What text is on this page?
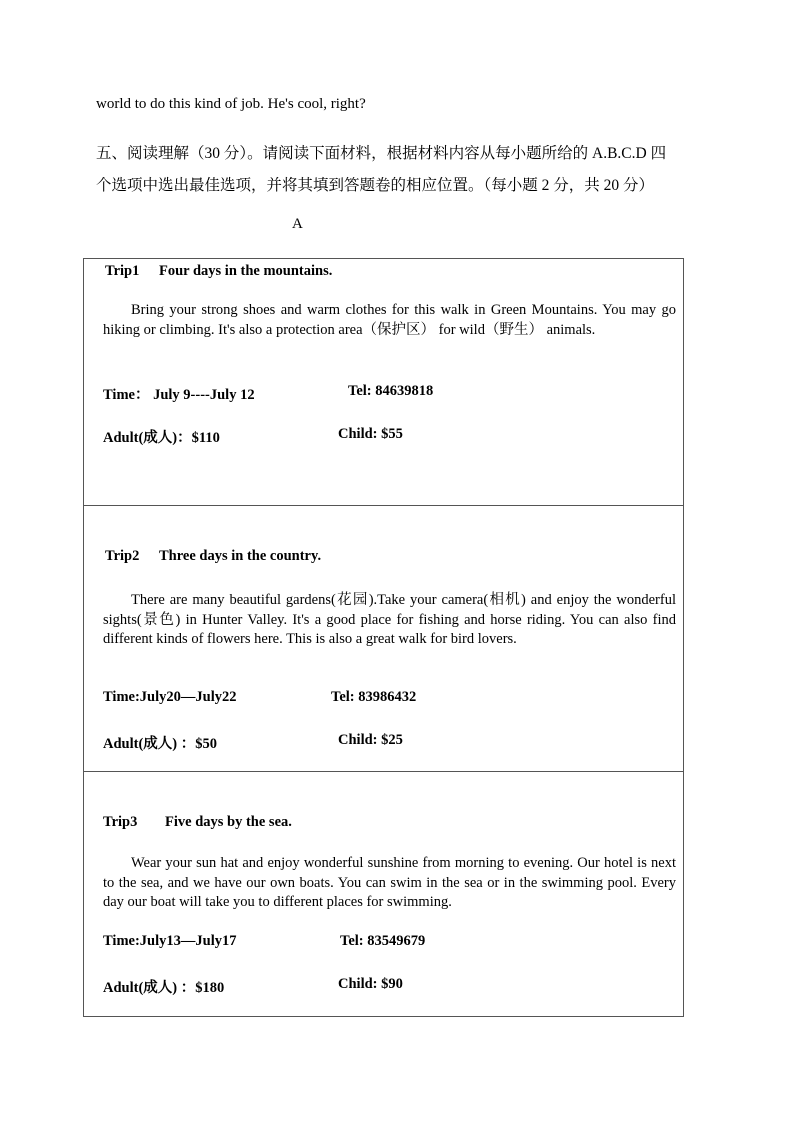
world to do this kind of job. He's cool, right?
五、阅读理解（30 分）。请阅读下面材料，根据材料内容从每小题所给的 A.B.C.D 四
个选项中选出最佳选项，并将其填到答题卷的相应位置。（每小题 2 分，共 20 分）
A
Trip1 Four days in the mountains.
Bring your strong shoes and warm clothes for this walk in Green Mountains. You may go hiking or climbing. It's also a protection area（保护区） for wild（野生） animals.
Time： July 9----July 12	Tel: 84639818
Adult(成人)：$110	Child: $55
Trip2 Three days in the country.
There are many beautiful gardens(花园).Take your camera(相机) and enjoy the wonderful sights(景色) in Hunter Valley. It's a good place for fishing and horse riding. You can also find different kinds of flowers here. This is also a great walk for bird lovers.
Time:July20—July22	Tel: 83986432
Adult(成人) ：$50	Child: $25
Trip3 Five days by the sea.
Wear your sun hat and enjoy wonderful sunshine from morning to evening. Our hotel is next to the sea, and we have our own boats. You can swim in the sea or in the swimming pool. Every day our boat will take you to different places for swimming.
Time:July13—July17	Tel: 83549679
Adult(成人) ：$180	Child: $90
